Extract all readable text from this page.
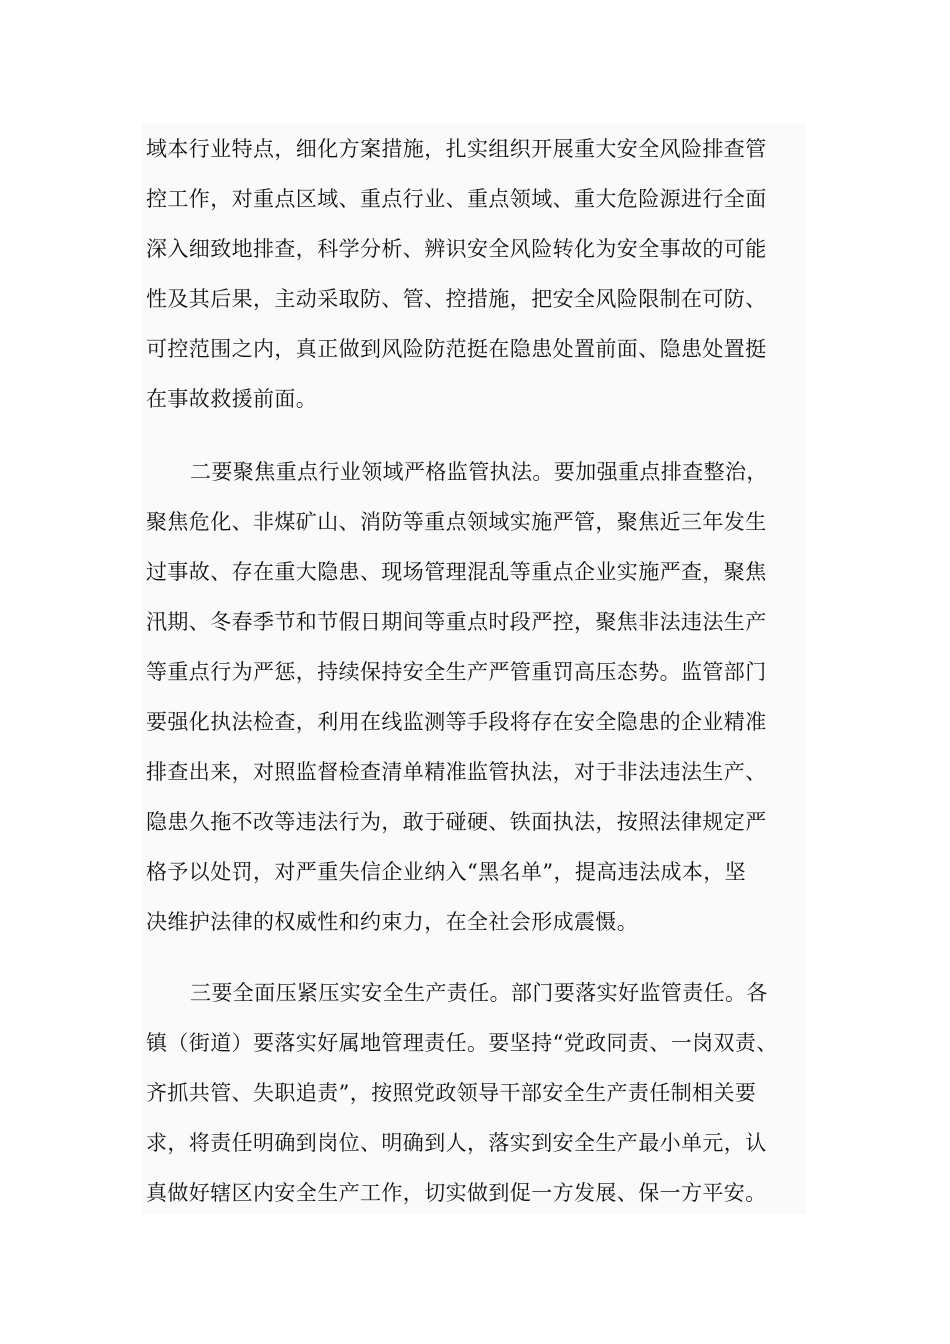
域本行业特点，细化方案措施，扎实组织开展重大安全风险排查管
控工作，对重点区域、重点行业、重点领域、重大危险源进行全面
深入细致地排查，科学分析、辨识安全风险转化为安全事故的可能
性及其后果，主动采取防、管、控措施，把安全风险限制在可防、
可控范围之内，真正做到风险防范挺在隐患处置前面、隐患处置挺
在事故救援前面。
二要聚焦重点行业领域严格监管执法。要加强重点排查整治，
聚焦危化、非煤矿山、消防等重点领域实施严管，聚焦近三年发生
过事故、存在重大隐患、现场管理混乱等重点企业实施严查，聚焦
汛期、冬春季节和节假日期间等重点时段严控，聚焦非法违法生产
等重点行为严惩，持续保持安全生产严管重罚高压态势。监管部门
要强化执法检查，利用在线监测等手段将存在安全隐患的企业精准
排查出来，对照监督检查清单精准监管执法，对于非法违法生产、
隐患久拖不改等违法行为，敢于碰硬、铁面执法，按照法律规定严
格予以处罚，对严重失信企业纳入“黑名单”，提高违法成本，坚
决维护法律的权威性和约束力，在全社会形成震慑。
三要全面压紧压实安全生产责任。部门要落实好监管责任。各
镇（街道）要落实好属地管理责任。要坚持“党政同责、一岗双责、
齐抓共管、失职追责”，按照党政领导干部安全生产责任制相关要
求，将责任明确到岗位、明确到人，落实到安全生产最小单元，认
真做好辖区内安全生产工作，切实做到促一方发展、保一方平安。
